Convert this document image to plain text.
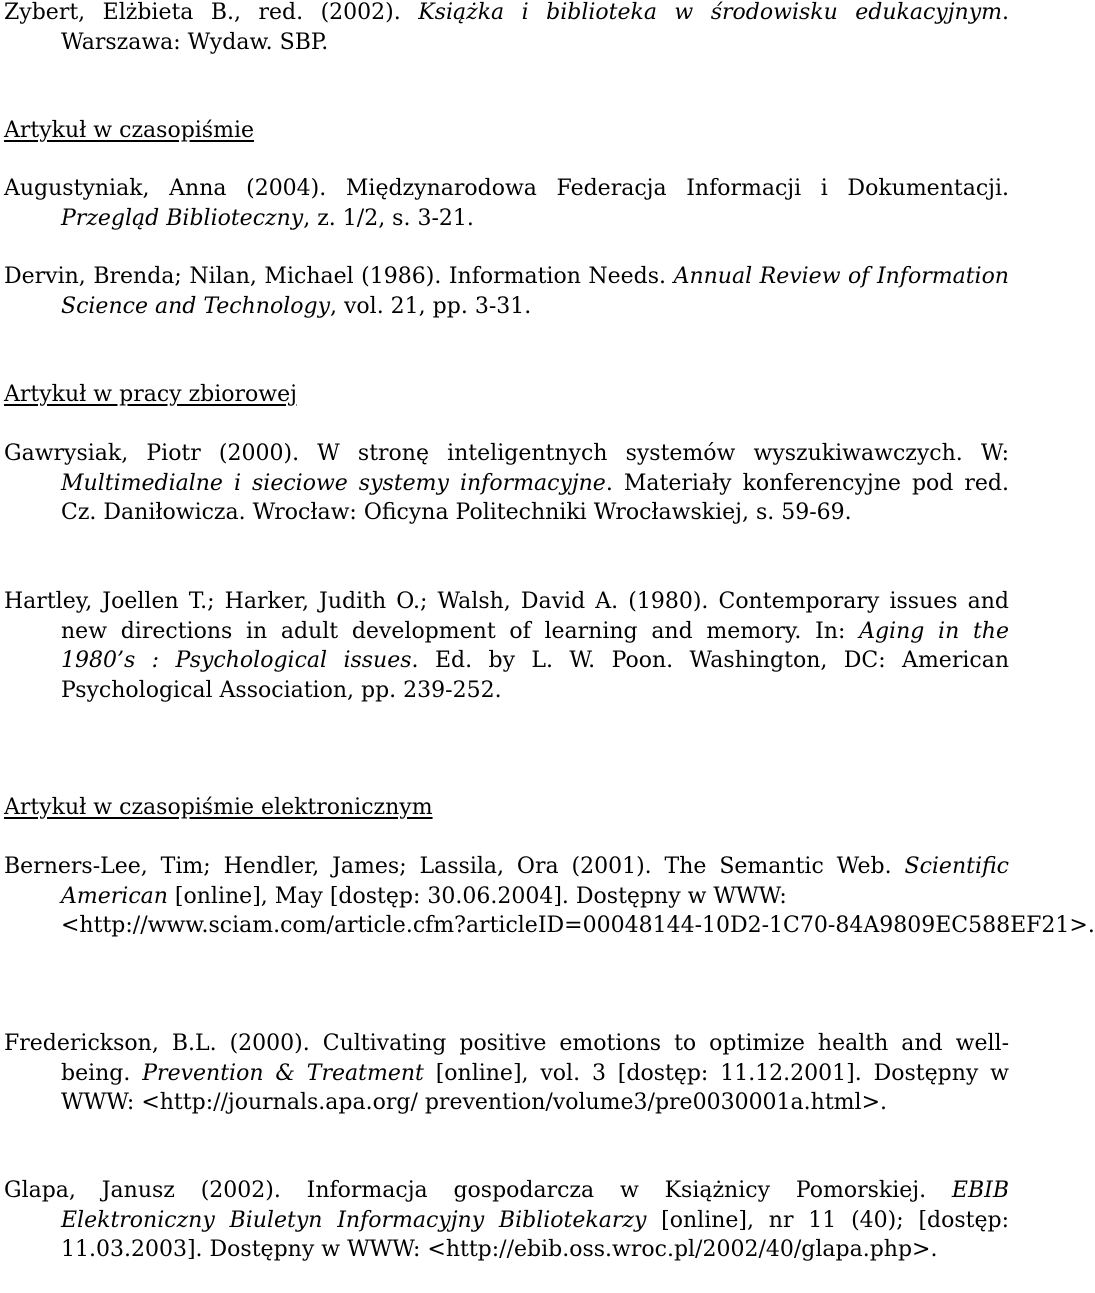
Zybert, Elżbieta B., red. (2002). Książka i biblioteka w środowisku edukacyjnym. Warszawa: Wydaw. SBP.

Artykuł w czasopiśmie

Augustyniak, Anna (2004). Międzynarodowa Federacja Informacji i Dokumentacji. Przegląd Biblioteczny, z. 1/2, s. 3-21.

Dervin, Brenda; Nilan, Michael (1986). Information Needs. Annual Review of Information Science and Technology, vol. 21, pp. 3-31.

Artykuł w pracy zbiorowej

Gawrysiak, Piotr (2000). W stronę inteligentnych systemów wyszukiwawczych. W: Multimedialne i sieciowe systemy informacyjne. Materiały konferencyjne pod red. Cz. Daniłowicza. Wrocław: Oficyna Politechniki Wrocławskiej, s. 59-69.

Hartley, Joellen T.; Harker, Judith O.; Walsh, David A. (1980). Contemporary issues and new directions in adult development of learning and memory. In: Aging in the 1980’s : Psychological issues. Ed. by L. W. Poon. Washington, DC: American Psychological Association, pp. 239-252.

Artykuł w czasopiśmie elektronicznym

Berners-Lee, Tim; Hendler, James; Lassila, Ora (2001). The Semantic Web. Scientific American [online], May [dostęp: 30.06.2004]. Dostępny w WWW:
<http://www.sciam.com/article.cfm?articleID=00048144-10D2-1C70-84A9809EC588EF21>.

Frederickson, B.L. (2000). Cultivating positive emotions to optimize health and well-being. Prevention & Treatment [online], vol. 3 [dostęp: 11.12.2001]. Dostępny w WWW: <http://journals.apa.org/ prevention/volume3/pre0030001a.html>.

Glapa, Janusz (2002). Informacja gospodarcza w Książnicy Pomorskiej. EBIB Elektroniczny Biuletyn Informacyjny Bibliotekarzy [online], nr 11 (40); [dostęp: 11.03.2003]. Dostępny w WWW: <http://ebib.oss.wroc.pl/2002/40/glapa.php>.
